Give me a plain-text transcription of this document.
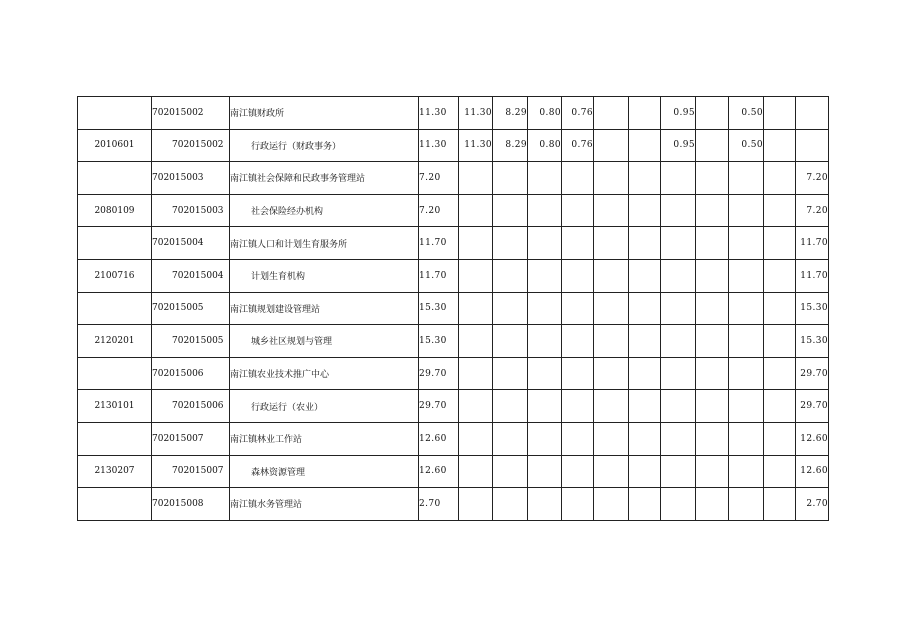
	702015002	南江镇财政所	11.30	11.30	8.29	0.80	0.76			0.95		0.50		
2010601	702015002	行政运行（财政事务）	11.30	11.30	8.29	0.80	0.76			0.95		0.50		
	702015003	南江镇社会保障和民政事务管理站	7.20											7.20
2080109	702015003	社会保险经办机构	7.20											7.20
	702015004	南江镇人口和计划生育服务所	11.70											11.70
2100716	702015004	计划生育机构	11.70											11.70
	702015005	南江镇规划建设管理站	15.30											15.30
2120201	702015005	城乡社区规划与管理	15.30											15.30
	702015006	南江镇农业技术推广中心	29.70											29.70
2130101	702015006	行政运行（农业）	29.70											29.70
	702015007	南江镇林业工作站	12.60											12.60
2130207	702015007	森林资源管理	12.60											12.60
	702015008	南江镇水务管理站	2.70											2.70
